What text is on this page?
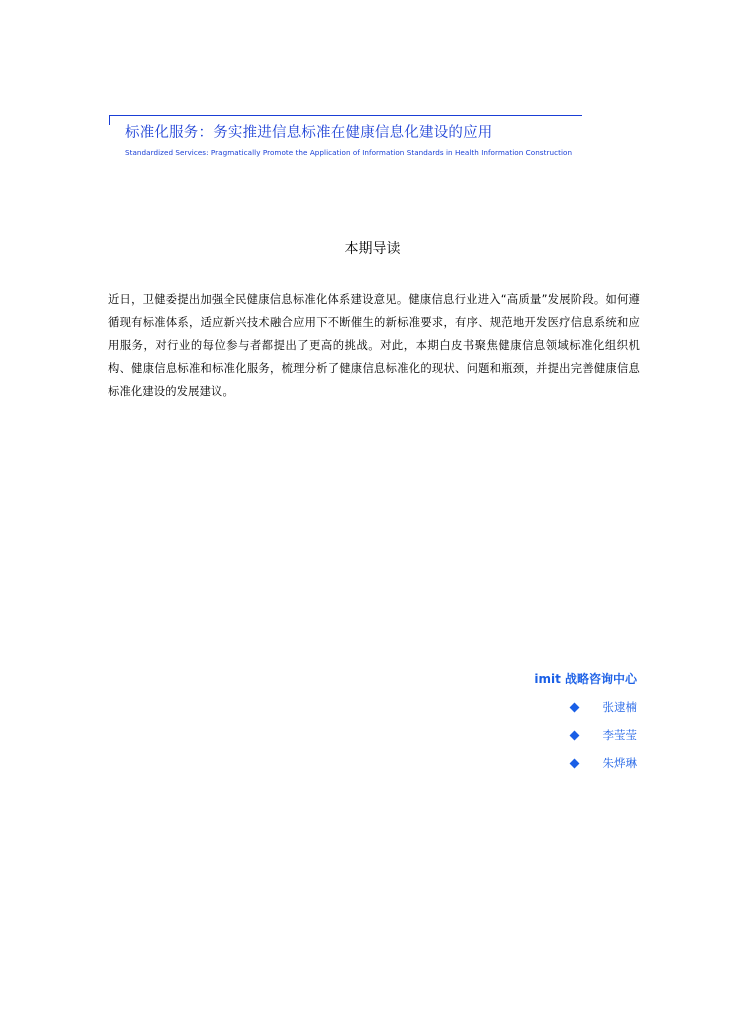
标准化服务：务实推进信息标准在健康信息化建设的应用
Standardized Services: Pragmatically Promote the Application of Information Standards in Health Information Construction
本期导读
近日，卫健委提出加强全民健康信息标准化体系建设意见。健康信息行业进入“高质量”发展阶段。如何遵循现有标准体系，适应新兴技术融合应用下不断催生的新标准要求，有序、规范地开发医疗信息系统和应用服务，对行业的每位参与者都提出了更高的挑战。对此，本期白皮书聚焦健康信息领域标准化组织机构、健康信息标准和标准化服务，梳理分析了健康信息标准化的现状、问题和瓶颈，并提出完善健康信息标准化建设的发展建议。
imit 战略咨询中心
张逮楠
李莹莹
朱烨琳
